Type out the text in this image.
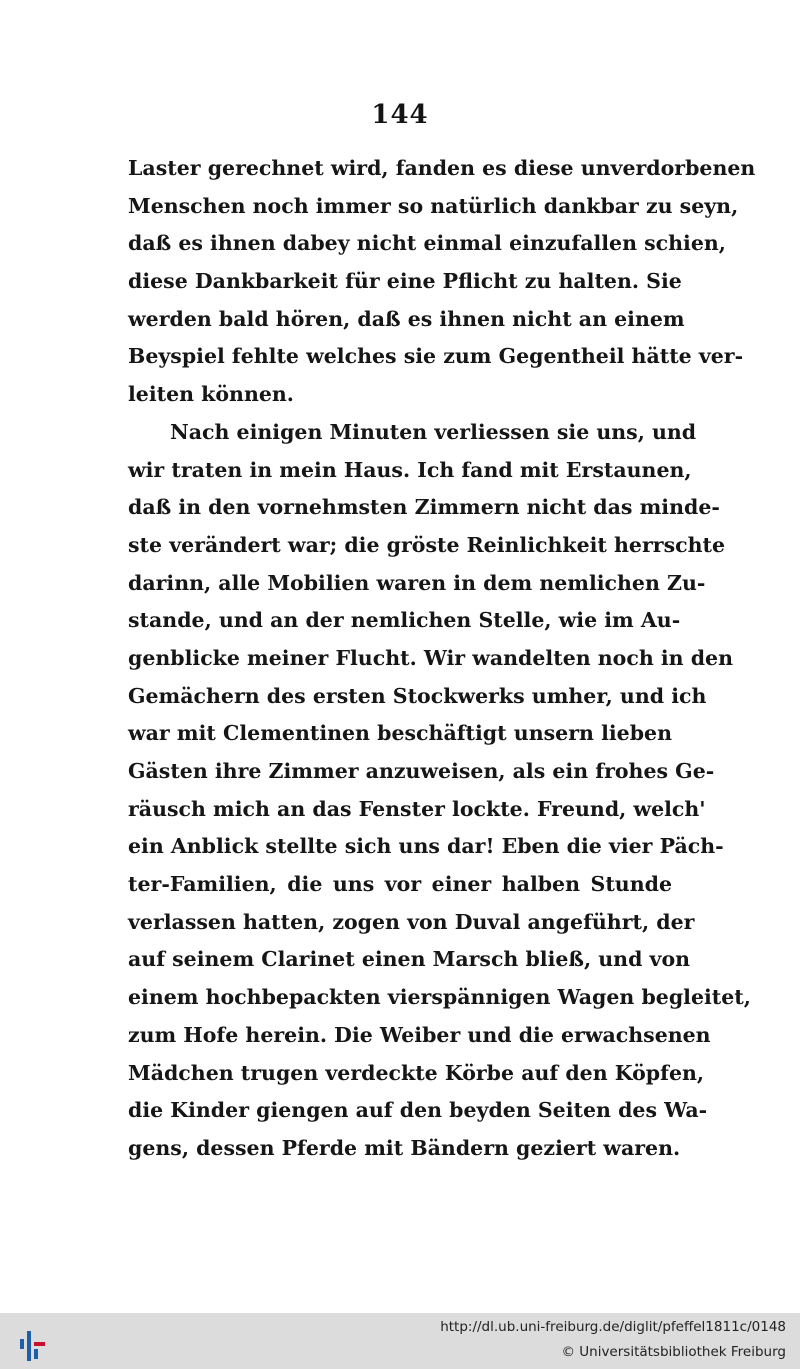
144
Laster gerechnet wird, fanden es diese unverdorbenen
Menschen noch immer so natürlich dankbar zu seyn,
daß es ihnen dabey nicht einmal einzufallen schien,
diese Dankbarkeit für eine Pflicht zu halten. Sie
werden bald hören, daß es ihnen nicht an einem
Beyspiel fehlte welches sie zum Gegentheil hätte ver-
leiten können.
Nach einigen Minuten verliessen sie uns, und
wir traten in mein Haus. Ich fand mit Erstaunen,
daß in den vornehmsten Zimmern nicht das minde-
ste verändert war; die gröste Reinlichkeit herrschte
darinn, alle Mobilien waren in dem nemlichen Zu-
stande, und an der nemlichen Stelle, wie im Au-
genblicke meiner Flucht. Wir wandelten noch in den
Gemächern des ersten Stockwerks umher, und ich
war mit Clementinen beschäftigt unsern lieben
Gästen ihre Zimmer anzuweisen, als ein frohes Ge-
räusch mich an das Fenster lockte. Freund, welch'
ein Anblick stellte sich uns dar! Eben die vier Päch-
ter-Familien, die uns vor einer halben Stunde
verlassen hatten, zogen von Duval angeführt, der
auf seinem Clarinet einen Marsch bließ, und von
einem hochbepackten vierspännigen Wagen begleitet,
zum Hofe herein. Die Weiber und die erwachsenen
Mädchen trugen verdeckte Körbe auf den Köpfen,
die Kinder giengen auf den beyden Seiten des Wa-
gens, dessen Pferde mit Bändern geziert waren.
http://dl.ub.uni-freiburg.de/diglit/pfeffel1811c/0148
© Universitätsbibliothek Freiburg
